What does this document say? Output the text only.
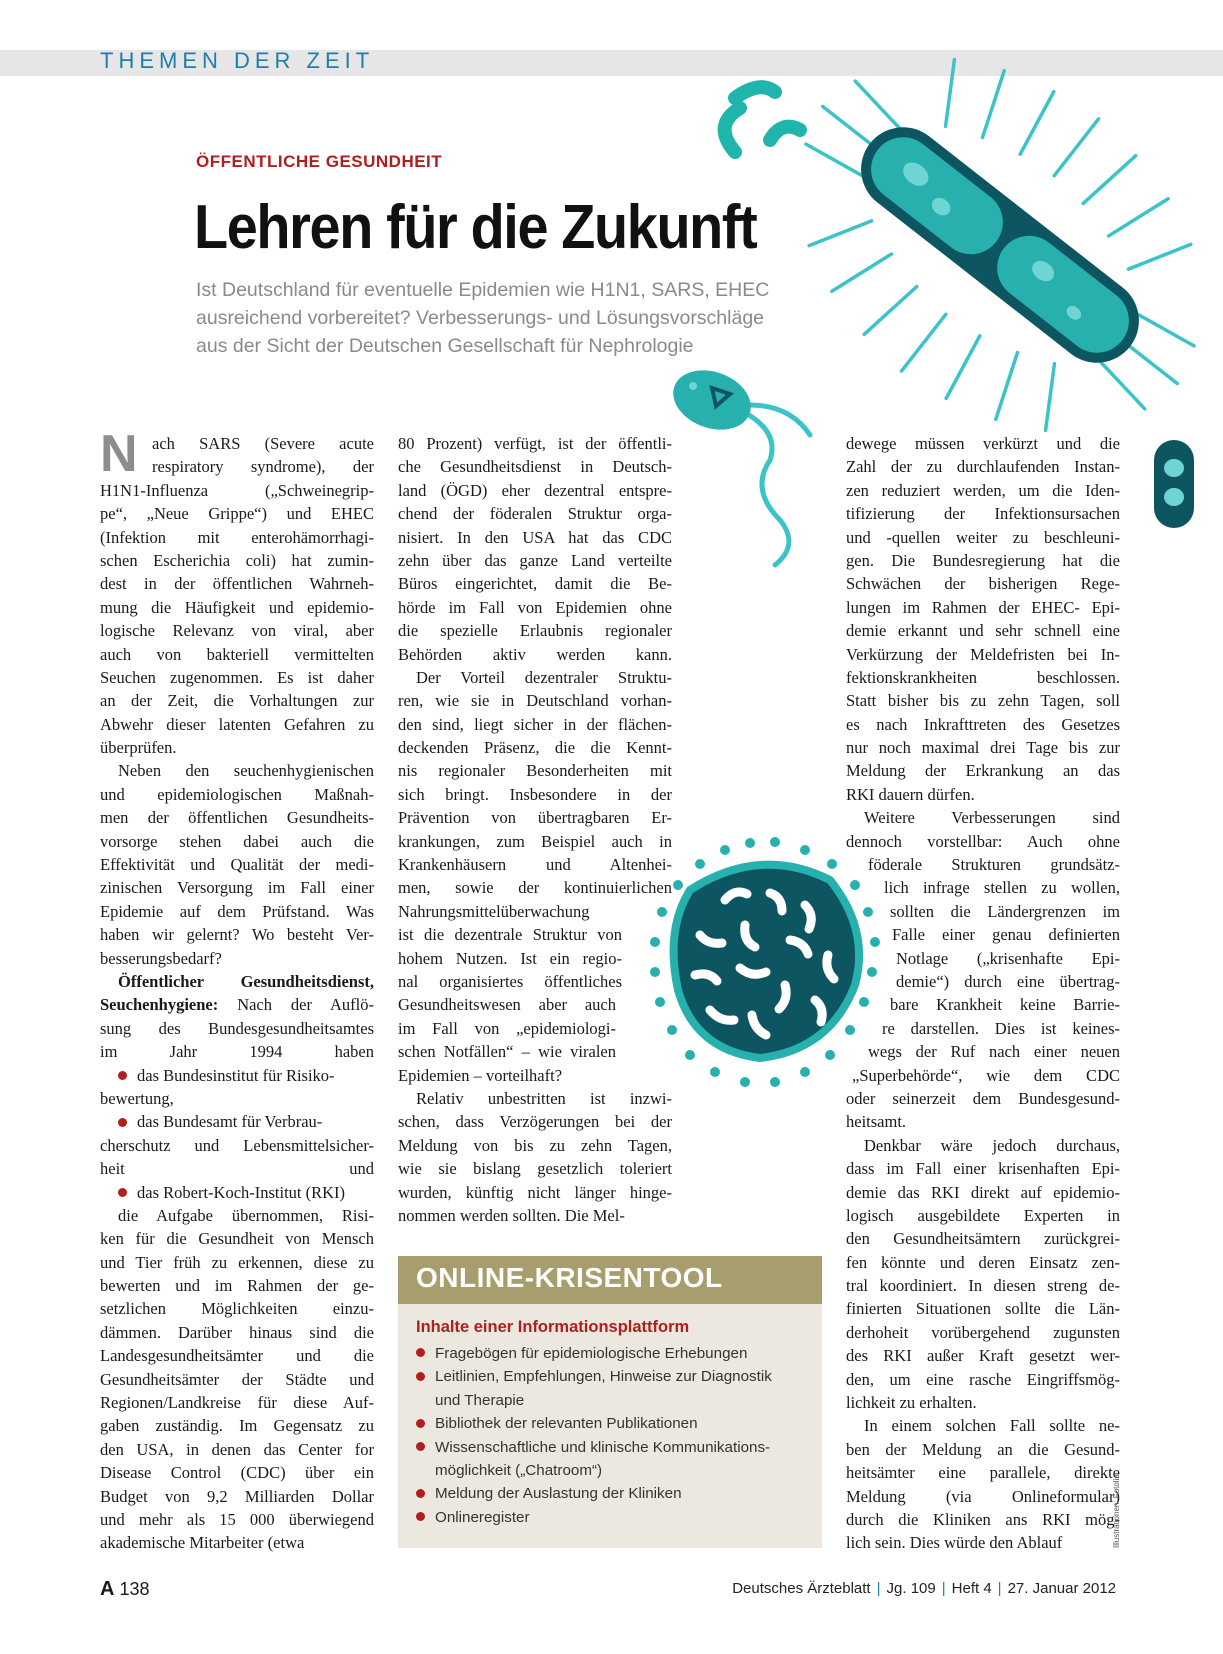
THEMEN DER ZEIT
ÖFFENTLICHE GESUNDHEIT
Lehren für die Zukunft
Ist Deutschland für eventuelle Epidemien wie H1N1, SARS, EHEC
ausreichend vorbereitet? Verbesserungs- und Lösungsvorschläge
aus der Sicht der Deutschen Gesellschaft für Nephrologie
N ach SARS (Severe acute
respiratory syndrome), der
H1N1-Influenza („Schweinegrip-
pe“, „Neue Grippe“) und EHEC
(Infektion mit enterohämorrhagi-
schen Escherichia coli) hat zumin-
dest in der öffentlichen Wahrneh-
mung die Häufigkeit und epidemio-
logische Relevanz von viral, aber
auch von bakteriell vermittelten
Seuchen zugenommen. Es ist daher
an der Zeit, die Vorhaltungen zur
Abwehr dieser latenten Gefahren zu
überprüfen.
Neben den seuchenhygienischen
und epidemiologischen Maßnah-
men der öffentlichen Gesundheits-
vorsorge stehen dabei auch die
Effektivität und Qualität der medi-
zinischen Versorgung im Fall einer
Epidemie auf dem Prüfstand. Was
haben wir gelernt? Wo besteht Ver-
besserungsbedarf?
Öffentlicher Gesundheitsdienst,
Seuchenhygiene: Nach der Auflö-
sung des Bundesgesundheitsamtes
im Jahr 1994 haben
das Bundesinstitut für Risiko-
bewertung,
das Bundesamt für Verbrau-
cherschutz und Lebensmittelsicher-
heit und
das Robert-Koch-Institut (RKI)
die Aufgabe übernommen, Risi-
ken für die Gesundheit von Mensch
und Tier früh zu erkennen, diese zu
bewerten und im Rahmen der ge-
setzlichen Möglichkeiten einzu-
dämmen. Darüber hinaus sind die
Landesgesundheitsämter und die
Gesundheitsämter der Städte und
Regionen/Landkreise für diese Auf-
gaben zuständig. Im Gegensatz zu
den USA, in denen das Center for
Disease Control (CDC) über ein
Budget von 9,2 Milliarden Dollar
und mehr als 15 000 überwiegend
akademische Mitarbeiter (etwa
80 Prozent) verfügt, ist der öffentli-
che Gesundheitsdienst in Deutsch-
land (ÖGD) eher dezentral entspre-
chend der föderalen Struktur orga-
nisiert. In den USA hat das CDC
zehn über das ganze Land verteilte
Büros eingerichtet, damit die Be-
hörde im Fall von Epidemien ohne
die spezielle Erlaubnis regionaler
Behörden aktiv werden kann.
Der Vorteil dezentraler Struktu-
ren, wie sie in Deutschland vorhan-
den sind, liegt sicher in der flächen-
deckenden Präsenz, die die Kennt-
nis regionaler Besonderheiten mit
sich bringt. Insbesondere in der
Prävention von übertragbaren Er-
krankungen, zum Beispiel auch in
Krankenhäusern und Altenhei-
men, sowie der kontinuierlichen
Nahrungsmittelüberwachung
ist die dezentrale Struktur von
hohem Nutzen. Ist ein regio-
nal organisiertes öffentliches
Gesundheitswesen aber auch
im Fall von „epidemiologi-
schen Notfällen“ – wie viralen
Epidemien – vorteilhaft?
Relativ unbestritten ist inzwi-
schen, dass Verzögerungen bei der
Meldung von bis zu zehn Tagen,
wie sie bislang gesetzlich toleriert
wurden, künftig nicht länger hinge-
nommen werden sollten. Die Mel-
dewege müssen verkürzt und die
Zahl der zu durchlaufenden Instan-
zen reduziert werden, um die Iden-
tifizierung der Infektionsursachen
und -quellen weiter zu beschleuni-
gen. Die Bundesregierung hat die
Schwächen der bisherigen Rege-
lungen im Rahmen der EHEC- Epi-
demie erkannt und sehr schnell eine
Verkürzung der Meldefristen bei In-
fektionskrankheiten beschlossen.
Statt bisher bis zu zehn Tagen, soll
es nach Inkrafttreten des Gesetzes
nur noch maximal drei Tage bis zur
Meldung der Erkrankung an das
RKI dauern dürfen.
Weitere Verbesserungen sind
dennoch vorstellbar: Auch ohne
föderale Strukturen grundsätz-
lich infrage stellen zu wollen,
sollten die Ländergrenzen im
Falle einer genau definierten
Notlage („krisenhafte Epi-
demie“) durch eine übertrag-
bare Krankheit keine Barrie-
re darstellen. Dies ist keines-
wegs der Ruf nach einer neuen
„Superbehörde“, wie dem CDC
oder seinerzeit dem Bundesgesund-
heitsamt.
Denkbar wäre jedoch durchaus,
dass im Fall einer krisenhaften Epi-
demie das RKI direkt auf epidemio-
logisch ausgebildete Experten in
den Gesundheitsämtern zurückgrei-
fen könnte und deren Einsatz zen-
tral koordiniert. In diesen streng de-
finierten Situationen sollte die Län-
derhoheit vorübergehend zugunsten
des RKI außer Kraft gesetzt wer-
den, um eine rasche Eingriffsmög-
lichkeit zu erhalten.
In einem solchen Fall sollte ne-
ben der Meldung an die Gesund-
heitsämter eine parallele, direkte
Meldung (via Onlineformular)
durch die Kliniken ans RKI mög-
lich sein. Dies würde den Ablauf
ONLINE-KRISENTOOL
Inhalte einer Informationsplattform
Fragebögen für epidemiologische Erhebungen
Leitlinien, Empfehlungen, Hinweise zur Diagnostik
und Therapie
Bibliothek der relevanten Publikationen
Wissenschaftliche und klinische Kommunikations-
möglichkeit („Chatroom“)
Meldung der Auslastung der Kliniken
Onlineregister	Illustrationen: Fotolia
A 138	Deutsches Ärzteblatt | Jg. 109 | Heft 4 | 27. Januar 2012
